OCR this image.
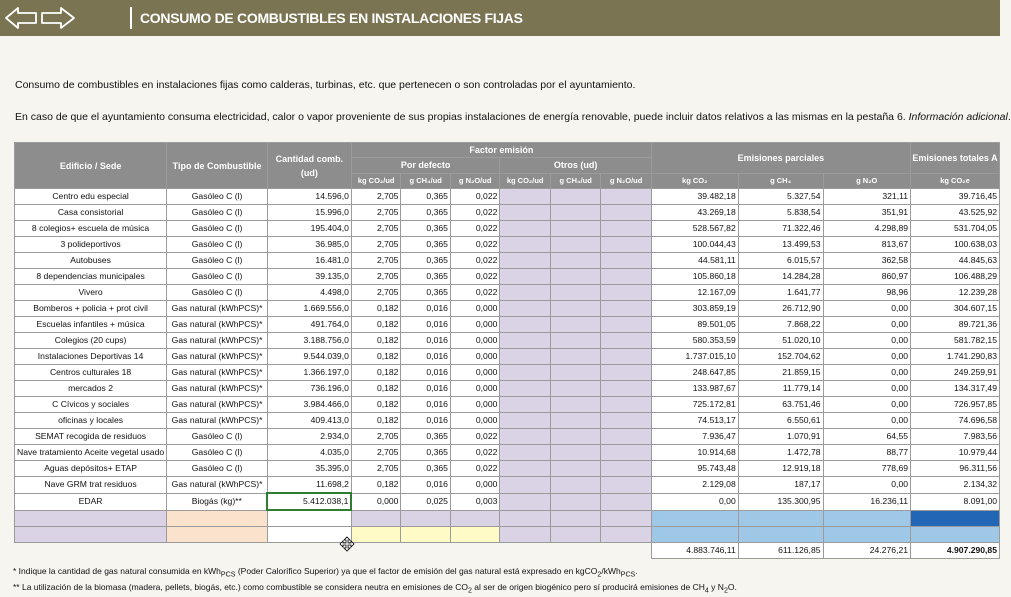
CONSUMO DE COMBUSTIBLES EN INSTALACIONES FIJAS
Consumo de combustibles en instalaciones fijas como calderas, turbinas, etc. que pertenecen o son controladas por el ayuntamiento.
En caso de que el ayuntamiento consuma electricidad, calor o vapor proveniente de sus propias instalaciones de energía renovable, puede incluir datos relativos a las mismas en la pestaña 6. Información adicional.
Edificio / Sede	Tipo de Combustible	Cantidad comb. (ud)	Factor emisión						Emisiones parciales			Emisiones totales A
			Por defecto			Otros (ud)						
			kg CO₂/ud	g CH₄/ud	g N₂O/ud	kg CO₂/ud	g CH₄/ud	g N₂O/ud	kg CO₂	g CH₄	g N₂O	kg CO₂e
Centro edu especial	Gasóleo C (l)	14.596,0	2,705	0,365	0,022				39.482,18	5.327,54	321,11	39.716,45
Casa consistorial	Gasóleo C (l)	15.996,0	2,705	0,365	0,022				43.269,18	5.838,54	351,91	43.525,92
8 colegios+ escuela de música	Gasóleo C (l)	195.404,0	2,705	0,365	0,022				528.567,82	71.322,46	4.298,89	531.704,05
3 polideportivos	Gasóleo C (l)	36.985,0	2,705	0,365	0,022				100.044,43	13.499,53	813,67	100.638,03
Autobuses	Gasóleo C (l)	16.481,0	2,705	0,365	0,022				44.581,11	6.015,57	362,58	44.845,63
8 dependencias municipales	Gasóleo C (l)	39.135,0	2,705	0,365	0,022				105.860,18	14.284,28	860,97	106.488,29
Vivero	Gasóleo C (l)	4.498,0	2,705	0,365	0,022				12.167,09	1.641,77	98,96	12.239,28
Bomberos + policia + prot civil	Gas natural (kWhPCS)*	1.669.556,0	0,182	0,016	0,000				303.859,19	26.712,90	0,00	304.607,15
Escuelas infantiles + música	Gas natural (kWhPCS)*	491.764,0	0,182	0,016	0,000				89.501,05	7.868,22	0,00	89.721,36
Colegios (20 cups)	Gas natural (kWhPCS)*	3.188.756,0	0,182	0,016	0,000				580.353,59	51.020,10	0,00	581.782,15
Instalaciones Deportivas 14	Gas natural (kWhPCS)*	9.544.039,0	0,182	0,016	0,000				1.737.015,10	152.704,62	0,00	1.741.290,83
Centros culturales 18	Gas natural (kWhPCS)*	1.366.197,0	0,182	0,016	0,000				248.647,85	21.859,15	0,00	249.259,91
mercados 2	Gas natural (kWhPCS)*	736.196,0	0,182	0,016	0,000				133.987,67	11.779,14	0,00	134.317,49
C Cívicos y sociales	Gas natural (kWhPCS)*	3.984.466,0	0,182	0,016	0,000				725.172,81	63.751,46	0,00	726.957,85
oficinas y locales	Gas natural (kWhPCS)*	409.413,0	0,182	0,016	0,000				74.513,17	6.550,61	0,00	74.696,58
SEMAT recogida de residuos	Gasóleo C (l)	2.934,0	2,705	0,365	0,022				7.936,47	1.070,91	64,55	7.983,56
Nave tratamiento Aceite vegetal usado	Gasóleo C (l)	4.035,0	2,705	0,365	0,022				10.914,68	1.472,78	88,77	10.979,44
Aguas depósitos+ ETAP	Gasóleo C (l)	35.395,0	2,705	0,365	0,022				95.743,48	12.919,18	778,69	96.311,56
Nave GRM trat residuos	Gas natural (kWhPCS)*	11.698,2	0,182	0,016	0,000				2.129,08	187,17	0,00	2.134,32
EDAR	Biogás (kg)**	5.412.038,1	0,000	0,025	0,003				0,00	135.300,95	16.236,11	8.091,00

									4.883.746,11	611.126,85	24.276,21	4.907.290,85
* Indique la cantidad de gas natural consumida en kWh$_{PCS}$ (Poder Calorífico Superior) ya que el factor de emisión del gas natural está expresado en kgCO$_2$/kWh$_{PCS}$.
** La utilización de la biomasa (madera, pellets, biogás, etc.) como combustible se considera neutra en emisiones de $CO_2$ al ser de origen biogénico pero sí producirá emisiones de $CH_4$ y $N_2O$.
